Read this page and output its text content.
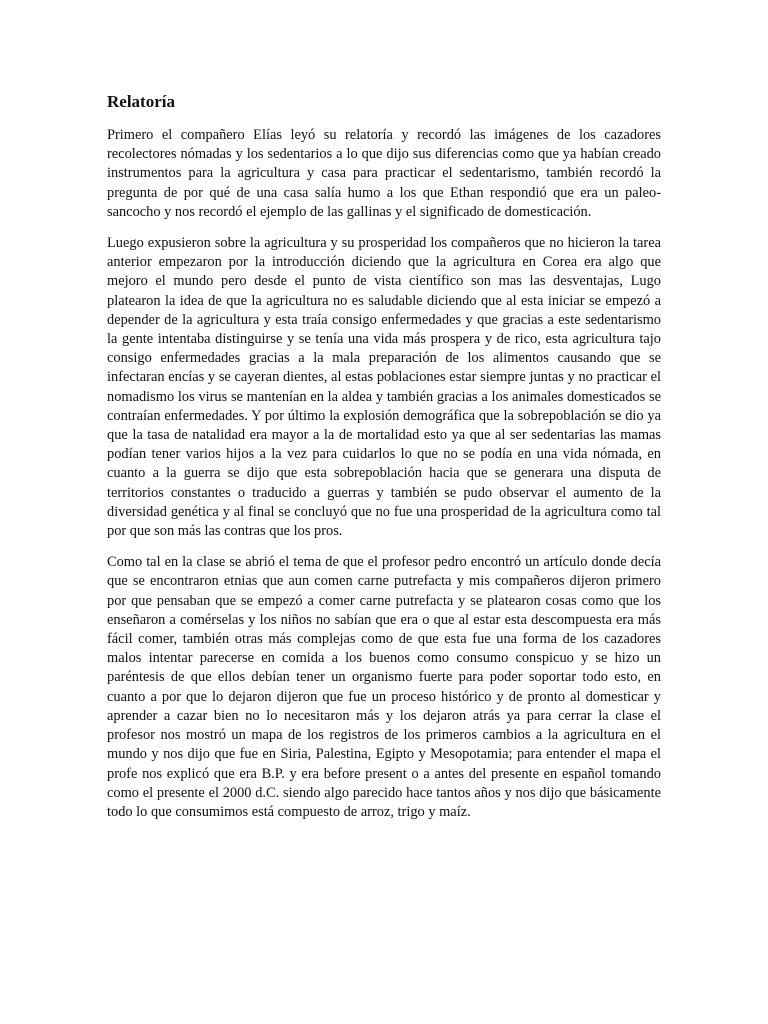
Relatoría

Primero el compañero Elías leyó su relatoría y recordó las imágenes de los cazadores recolectores nómadas y los sedentarios a lo que dijo sus diferencias como que ya habían creado instrumentos para la agricultura y casa para practicar el sedentarismo, también recordó la pregunta de por qué de una casa salía humo a los que Ethan respondió que era un paleo-sancocho y nos recordó el ejemplo de las gallinas y el significado de domesticación.

Luego expusieron sobre la agricultura y su prosperidad los compañeros que no hicieron la tarea anterior empezaron por la introducción diciendo que la agricultura en Corea era algo que mejoro el mundo pero desde el punto de vista científico son mas las desventajas, Lugo platearon la idea de que la agricultura no es saludable diciendo que al esta iniciar se empezó a depender de la agricultura y esta traía consigo enfermedades y que gracias a este sedentarismo la gente intentaba distinguirse y se tenía una vida más prospera y de rico, esta agricultura tajo consigo enfermedades gracias a la mala preparación de los alimentos causando que se infectaran encías y se cayeran dientes, al estas poblaciones estar siempre juntas y no practicar el nomadismo los virus se mantenían en la aldea y también gracias a los animales domesticados se contraían enfermedades. Y por último la explosión demográfica que la sobrepoblación se dio ya que la tasa de natalidad era mayor a la de mortalidad esto ya que al ser sedentarias las mamas podían tener varios hijos a la vez para cuidarlos lo que no se podía en una vida nómada, en cuanto a la guerra se dijo que esta sobrepoblación hacia que se generara una disputa de territorios constantes o traducido a guerras y también se pudo observar el aumento de la diversidad genética y al final se concluyó que no fue una prosperidad de la agricultura como tal por que son más las contras que los pros.

Como tal en la clase se abrió el tema de que el profesor pedro encontró un artículo donde decía que se encontraron etnias que aun comen carne putrefacta y mis compañeros dijeron primero por que pensaban que se empezó a comer carne putrefacta y se platearon cosas como que los enseñaron a comérselas y los niños no sabían que era o que al estar esta descompuesta era más fácil comer, también otras más complejas como de que esta fue una forma de los cazadores malos intentar parecerse en comida a los buenos como consumo conspicuo y se hizo un paréntesis de que ellos debían tener un organismo fuerte para poder soportar todo esto, en cuanto a por que lo dejaron dijeron que fue un proceso histórico y de pronto al domesticar y aprender a cazar bien no lo necesitaron más y los dejaron atrás ya para cerrar la clase el profesor nos mostró un mapa de los registros de los primeros cambios a la agricultura en el mundo y nos dijo que fue en Siria, Palestina, Egipto y Mesopotamia; para entender el mapa el profe nos explicó que era B.P. y era before present o a antes del presente en español tomando como el presente el 2000 d.C. siendo algo parecido hace tantos años y nos dijo que básicamente todo lo que consumimos está compuesto de arroz, trigo y maíz.
